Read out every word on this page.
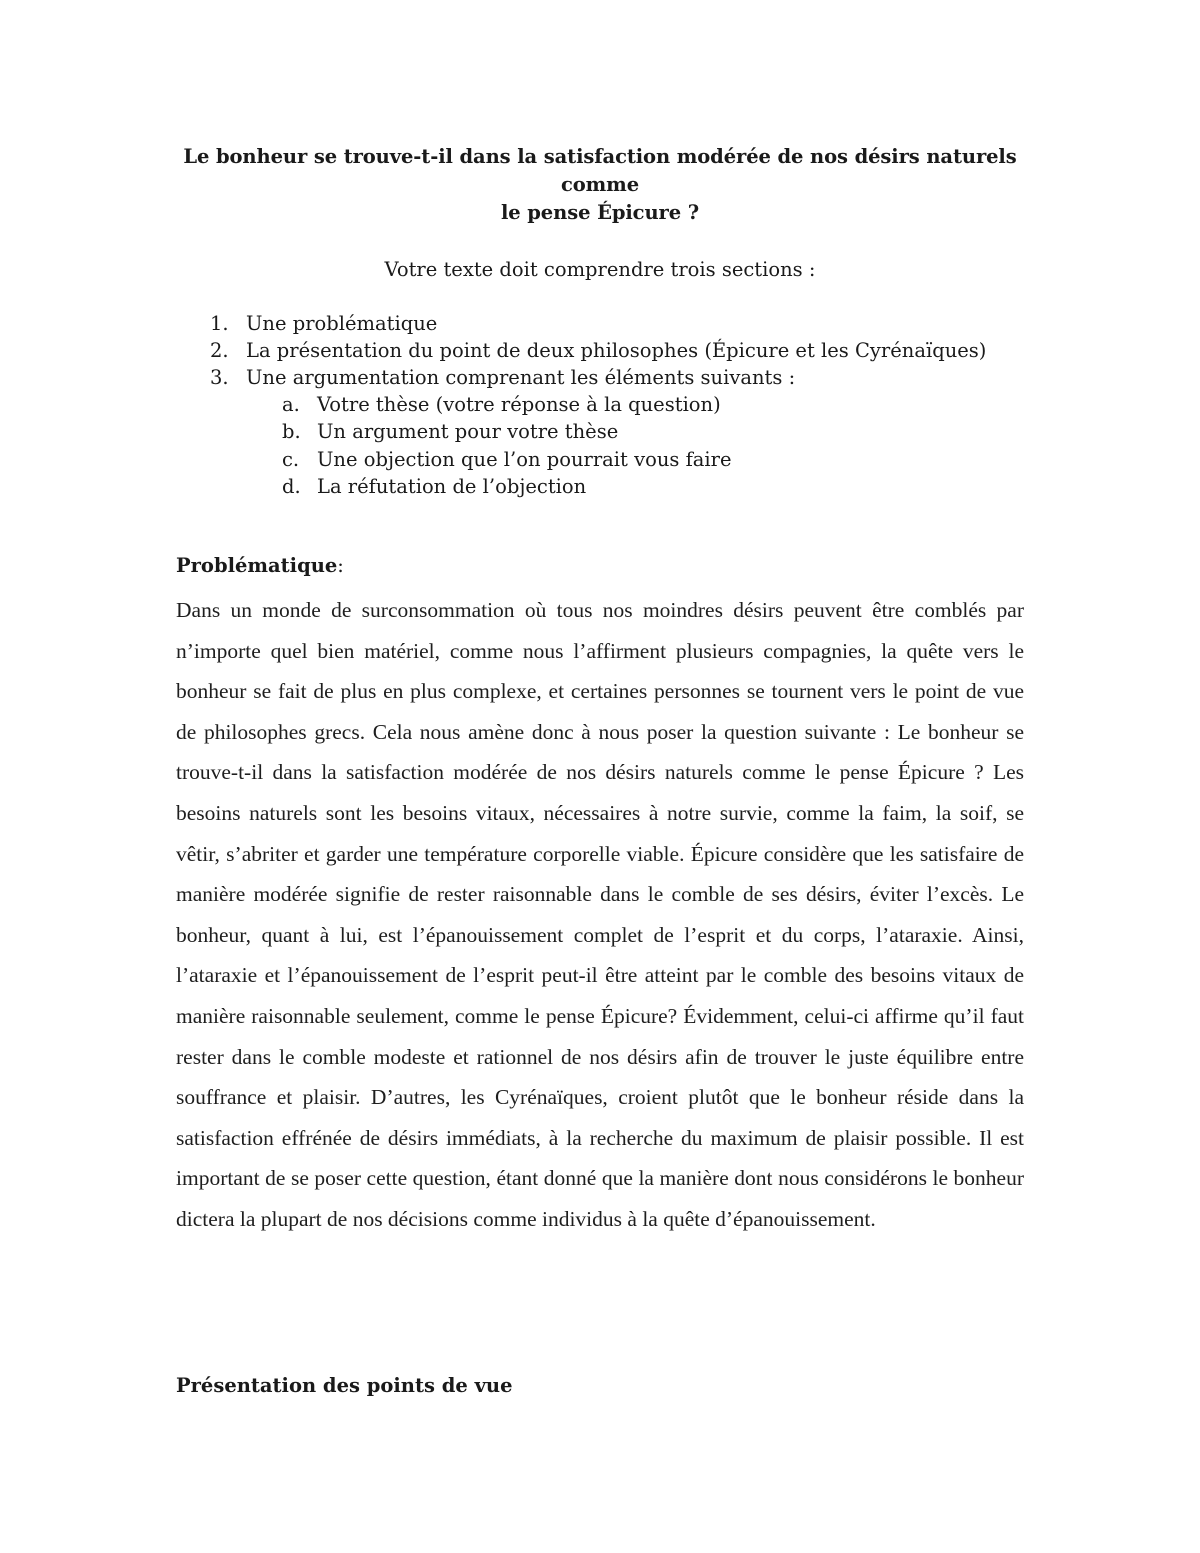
Le bonheur se trouve-t-il dans la satisfaction modérée de nos désirs naturels comme
le pense Épicure ?
Votre texte doit comprendre trois sections :
1. Une problématique
2. La présentation du point de deux philosophes (Épicure et les Cyrénaïques)
3. Une argumentation comprenant les éléments suivants :
a. Votre thèse (votre réponse à la question)
b. Un argument pour votre thèse
c. Une objection que l’on pourrait vous faire
d. La réfutation de l’objection
Problématique:
Dans un monde de surconsommation où tous nos moindres désirs peuvent être comblés par n’importe quel bien matériel, comme nous l’affirment plusieurs compagnies, la quête vers le bonheur se fait de plus en plus complexe, et certaines personnes se tournent vers le point de vue de philosophes grecs. Cela nous amène donc à nous poser la question suivante : Le bonheur se trouve-t-il dans la satisfaction modérée de nos désirs naturels comme le pense Épicure ? Les besoins naturels sont les besoins vitaux, nécessaires à notre survie, comme la faim, la soif, se vêtir, s’abriter et garder une température corporelle viable. Épicure considère que les satisfaire de manière modérée signifie de rester raisonnable dans le comble de ses désirs, éviter l’excès. Le bonheur, quant à lui, est l’épanouissement complet de l’esprit et du corps, l’ataraxie. Ainsi, l’ataraxie et l’épanouissement de l’esprit peut-il être atteint par le comble des besoins vitaux de manière raisonnable seulement, comme le pense Épicure? Évidemment, celui-ci affirme qu’il faut rester dans le comble modeste et rationnel de nos désirs afin de trouver le juste équilibre entre souffrance et plaisir. D’autres, les Cyrénaïques, croient plutôt que le bonheur réside dans la satisfaction effrénée de désirs immédiats, à la recherche du maximum de plaisir possible. Il est important de se poser cette question, étant donné que la manière dont nous considérons le bonheur dictera la plupart de nos décisions comme individus à la quête d’épanouissement.
Présentation des points de vue
